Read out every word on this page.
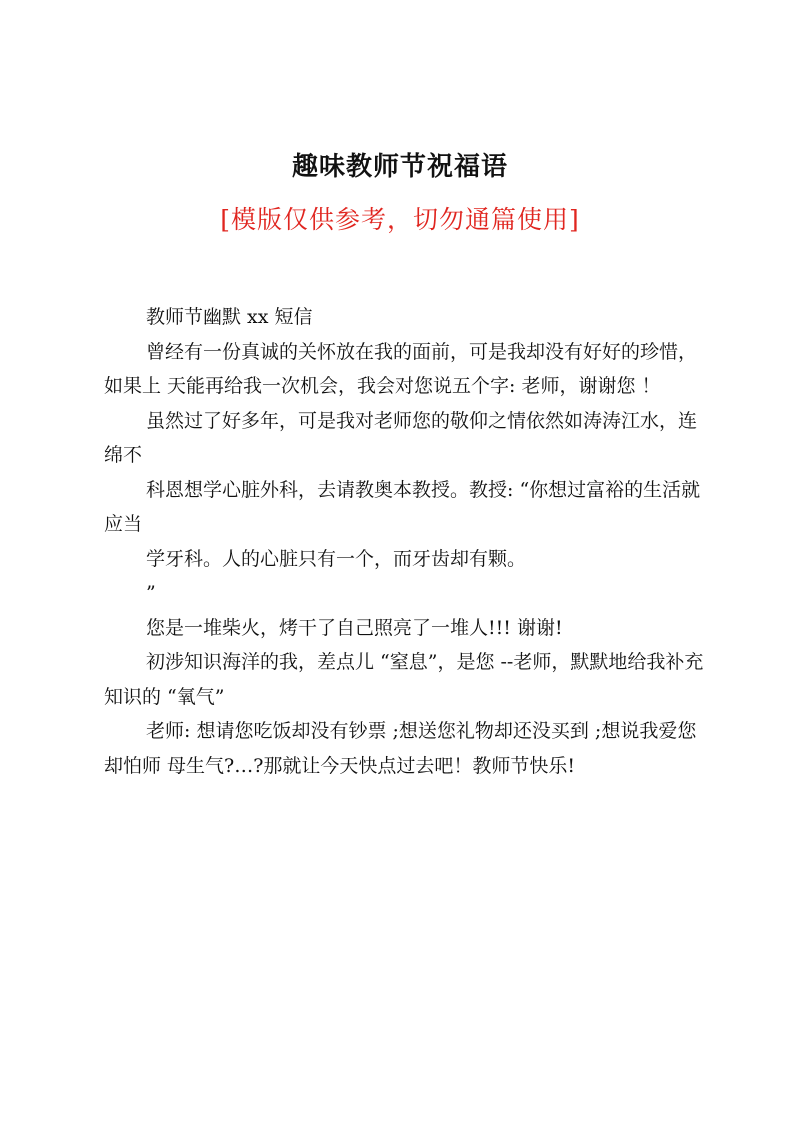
趣味教师节祝福语
[模版仅供参考，切勿通篇使用]

教师节幽默 xx 短信

曾经有一份真诚的关怀放在我的面前，可是我却没有好好的珍惜，如果上 天能再给我一次机会，我会对您说五个字: 老师，谢谢您 ！

虽然过了好多年，可是我对老师您的敬仰之情依然如涛涛江水，连绵不

科恩想学心脏外科，去请教奥本教授。教授: “你想过富裕的生活就应当

学牙科。人的心脏只有一个，而牙齿却有颗。

”

您是一堆柴火，烤干了自己照亮了一堆人!!! 谢谢!

初涉知识海洋的我，差点儿 “窒息”，是您 --老师，默默地给我补充知识的 “氧气”

老师: 想请您吃饭却没有钞票 ;想送您礼物却还没买到 ;想说我爱您却怕师 母生气?…?那就让今天快点过去吧！教师节快乐!
